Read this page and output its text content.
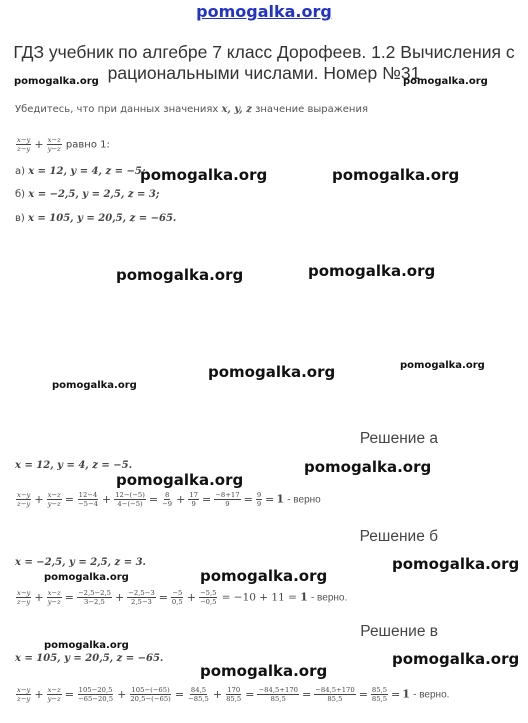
pomogalka.org
ГДЗ учебник по алгебре 7 класс Дорофеев. 1.2 Вычисления с рациональными числами. Номер №31
Убедитесь, что при данных значениях x, y, z значение выражения
$\frac{x-y}{z-y} + \frac{x-z}{y-z}$ равно 1:
а) x = 12, y = 4, z = −5;
б) x = −2,5, y = 2,5, z = 3;
в) x = 105, y = 20,5, z = −65.
pomogalka.org	pomogalka.org
pomogalka.org	pomogalka.org
pomogalka.org	pomogalka.org
pomogalka.org	pomogalka.org
pomogalka.org
Решение а
x = 12, y = 4, z = −5.
pomogalka.org
pomogalka.org
$\frac{x-y}{z-y} + \frac{x-z}{y-z} = \frac{12-4}{-5-4} + \frac{12-(-5)}{4-(-5)} = \frac{8}{-9} + \frac{17}{9} = \frac{-8+17}{9} = \frac{9}{9} = 1$ - верно
Решение б
x = −2,5, y = 2,5, z = 3.
pomogalka.org	pomogalka.org
pomogalka.org
$\frac{x-y}{z-y} + \frac{x-z}{y-z} = \frac{-2,5-2,5}{3-2,5} + \frac{-2,5-3}{2,5-3} = \frac{-5}{0,5} + \frac{-5,5}{-0,5} = -10 + 11 = 1$ - верно.
Решение в
pomogalka.org
x = 105, y = 20,5, z = −65.
pomogalka.org
pomogalka.org
$\frac{x-y}{z-y} + \frac{x-z}{y-z} = \frac{105-20,5}{-65-20,5} + \frac{105-(-65)}{20,5-(-65)} = \frac{84,5}{-85,5} + \frac{170}{85,5} = \frac{-84,5+170}{85,5} = \frac{-84,5+170}{85,5} = \frac{85,5}{85,5} = 1$ - верно.
